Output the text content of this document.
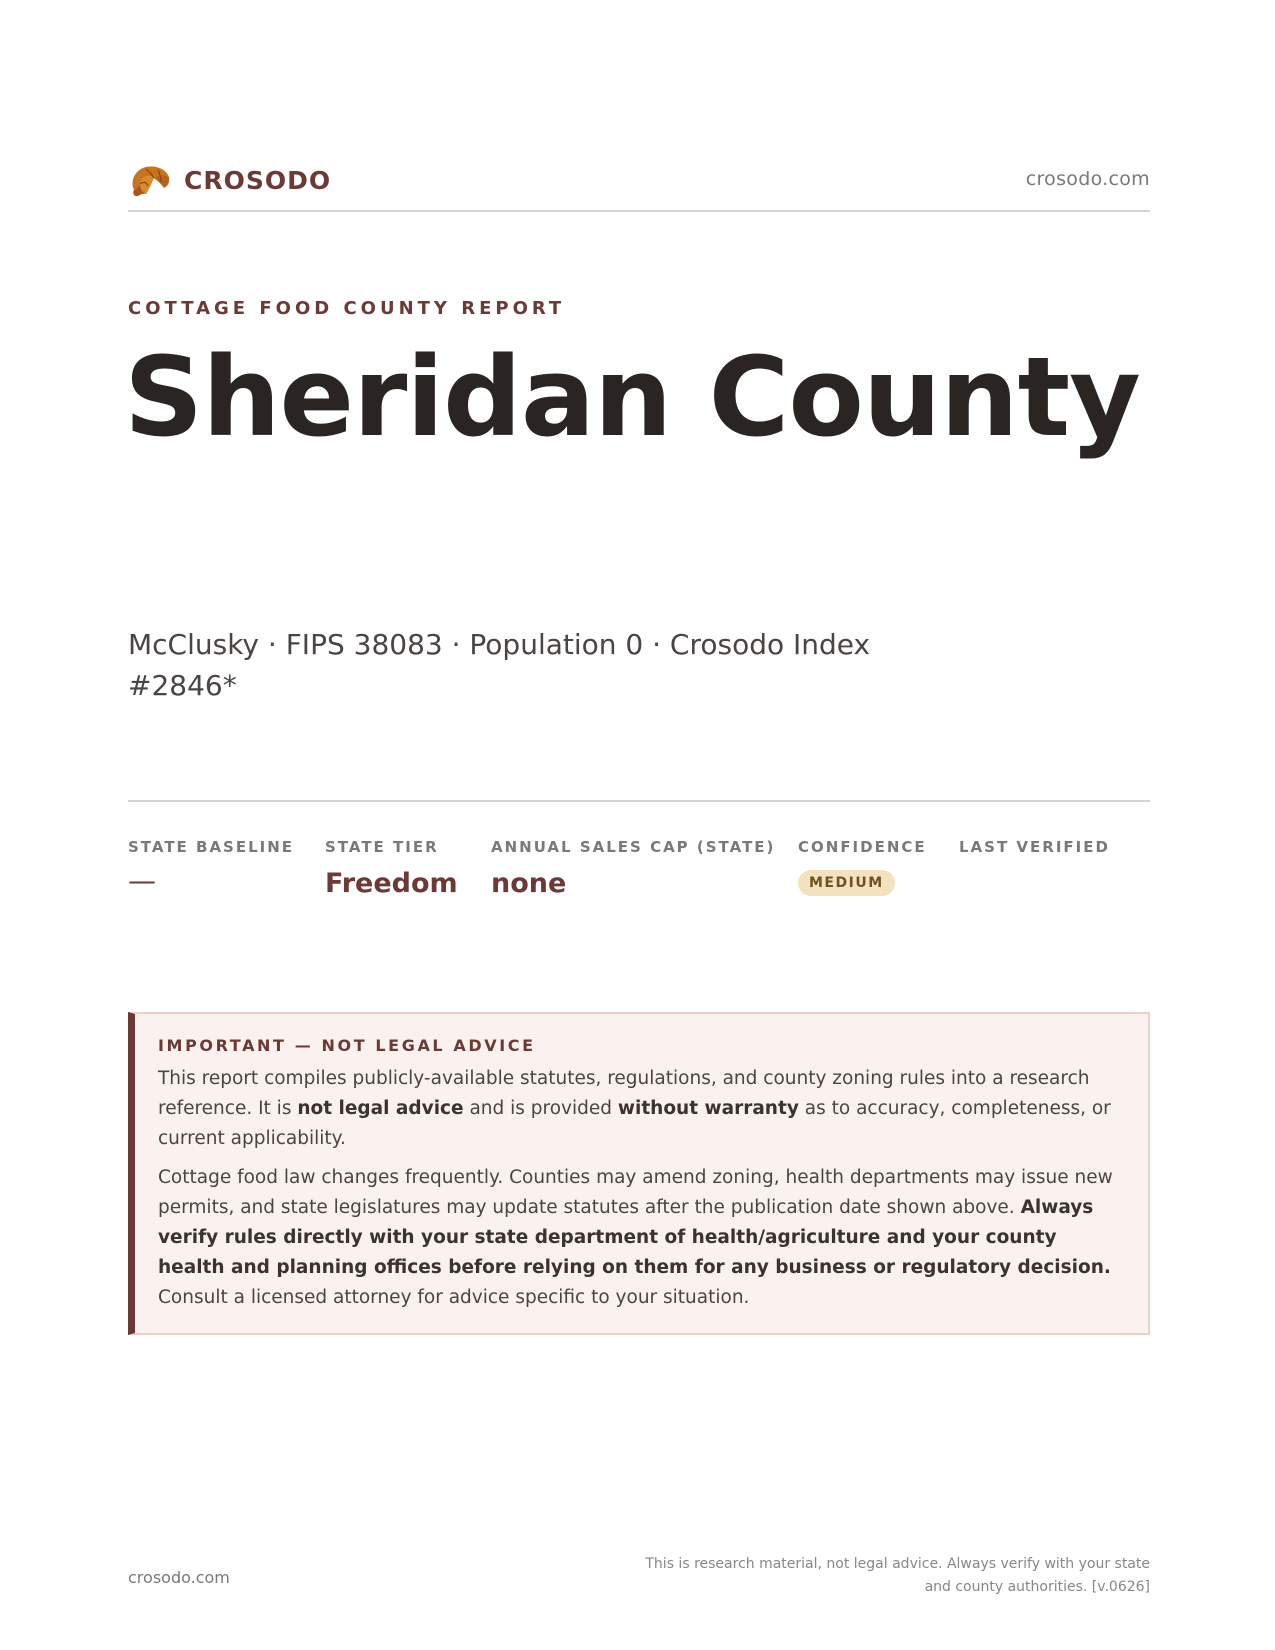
CROSODO	crosodo.com
COTTAGE FOOD COUNTY REPORT
Sheridan County
McClusky · FIPS 38083 · Population 0 · Crosodo Index #2846*
STATE BASELINE
—
STATE TIER
Freedom
ANNUAL SALES CAP (STATE)
none
CONFIDENCE
MEDIUM
LAST VERIFIED
IMPORTANT — NOT LEGAL ADVICE

This report compiles publicly-available statutes, regulations, and county zoning rules into a research reference. It is not legal advice and is provided without warranty as to accuracy, completeness, or current applicability.

Cottage food law changes frequently. Counties may amend zoning, health departments may issue new permits, and state legislatures may update statutes after the publication date shown above. Always verify rules directly with your state department of health/agriculture and your county health and planning offices before relying on them for any business or regulatory decision. Consult a licensed attorney for advice specific to your situation.

crosodo.com
This is research material, not legal advice. Always verify with your state
and county authorities. [v.0626]
